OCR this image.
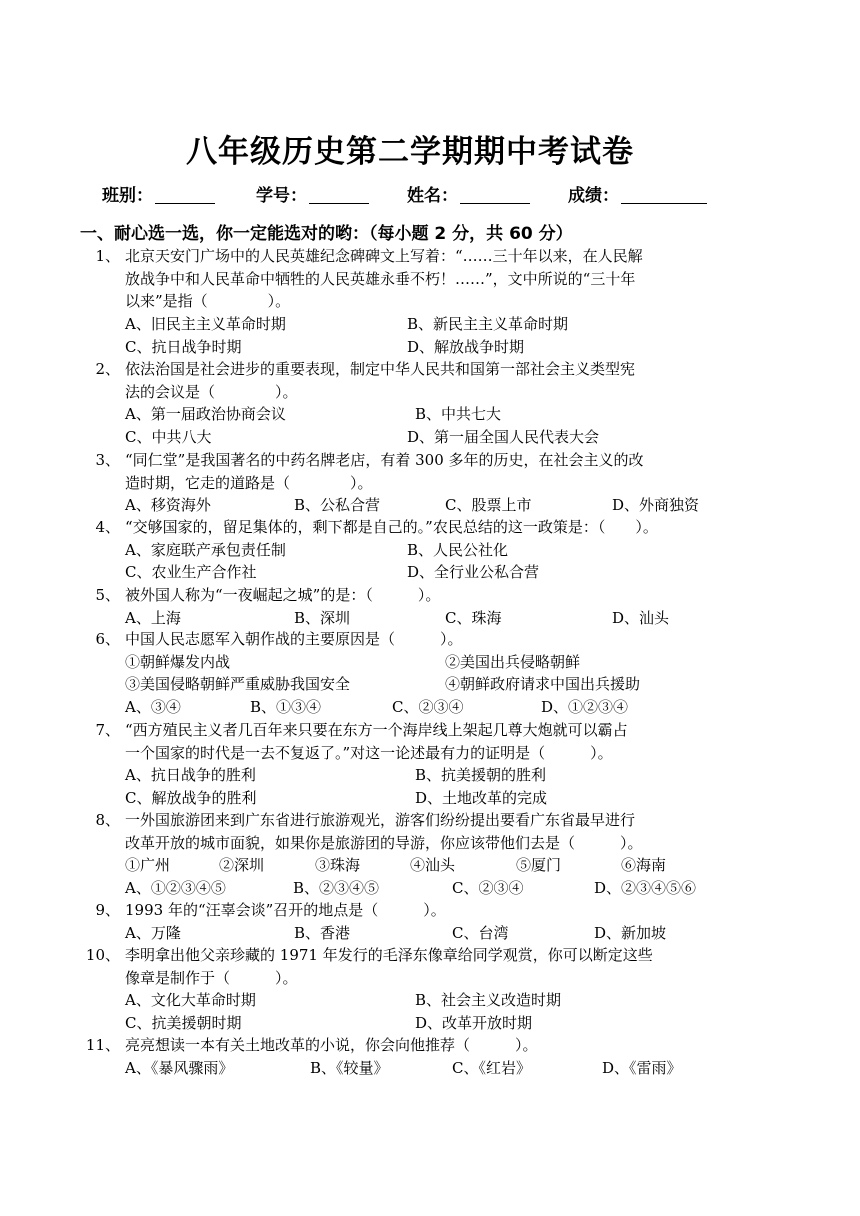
八年级历史第二学期期中考试卷
班别：	学号：	姓名：	成绩：
一、耐心选一选，你一定能选对的哟：（每小题 2 分，共 60 分）
1、 北京天安门广场中的人民英雄纪念碑碑文上写着：“……三十年以来，在人民解
放战争中和人民革命中牺牲的人民英雄永垂不朽！……”，文中所说的“三十年
以来”是指（　　　　）。
A、旧民主主义革命时期	B、新民主主义革命时期
C、抗日战争时期	D、解放战争时期
2、 依法治国是社会进步的重要表现，制定中华人民共和国第一部社会主义类型宪
法的会议是（　　　　）。
A、第一届政治协商会议	B、中共七大
C、中共八大	D、第一届全国人民代表大会
3、 “同仁堂”是我国著名的中药名牌老店，有着 300 多年的历史，在社会主义的改
造时期，它走的道路是（　　　　）。
A、移资海外	B、公私合营	C、股票上市	D、外商独资
4、 “交够国家的，留足集体的，剩下都是自己的。”农民总结的这一政策是：（　　）。
A、家庭联产承包责任制	B、人民公社化
C、农业生产合作社	D、全行业公私合营
5、 被外国人称为“一夜崛起之城”的是：（　　　）。
A、上海	B、深圳	C、珠海	D、汕头
6、 中国人民志愿军入朝作战的主要原因是（　　　）。
①朝鲜爆发内战	②美国出兵侵略朝鲜
③美国侵略朝鲜严重威胁我国安全	④朝鲜政府请求中国出兵援助
A、③④	B、①③④	C、②③④	D、①②③④
7、 “西方殖民主义者几百年来只要在东方一个海岸线上架起几尊大炮就可以霸占
一个国家的时代是一去不复返了。”对这一论述最有力的证明是（　　　）。
A、抗日战争的胜利	B、抗美援朝的胜利
C、解放战争的胜利	D、土地改革的完成
8、 一外国旅游团来到广东省进行旅游观光，游客们纷纷提出要看广东省最早进行
改革开放的城市面貌，如果你是旅游团的导游，你应该带他们去是（　　　）。
①广州	②深圳	③珠海	④汕头	⑤厦门	⑥海南
A、①②③④⑤	B、②③④⑤	C、②③④	D、②③④⑤⑥
9、 1993 年的“汪辜会谈”召开的地点是（　　　）。
A、万隆	B、香港	C、台湾	D、新加坡
10、 李明拿出他父亲珍藏的 1971 年发行的毛泽东像章给同学观赏，你可以断定这些
像章是制作于（　　　）。
A、文化大革命时期	B、社会主义改造时期
C、抗美援朝时期	D、改革开放时期
11、 亮亮想读一本有关土地改革的小说，你会向他推荐（　　　）。
A、《暴风骤雨》	B、《较量》	C、《红岩》	D、《雷雨》
